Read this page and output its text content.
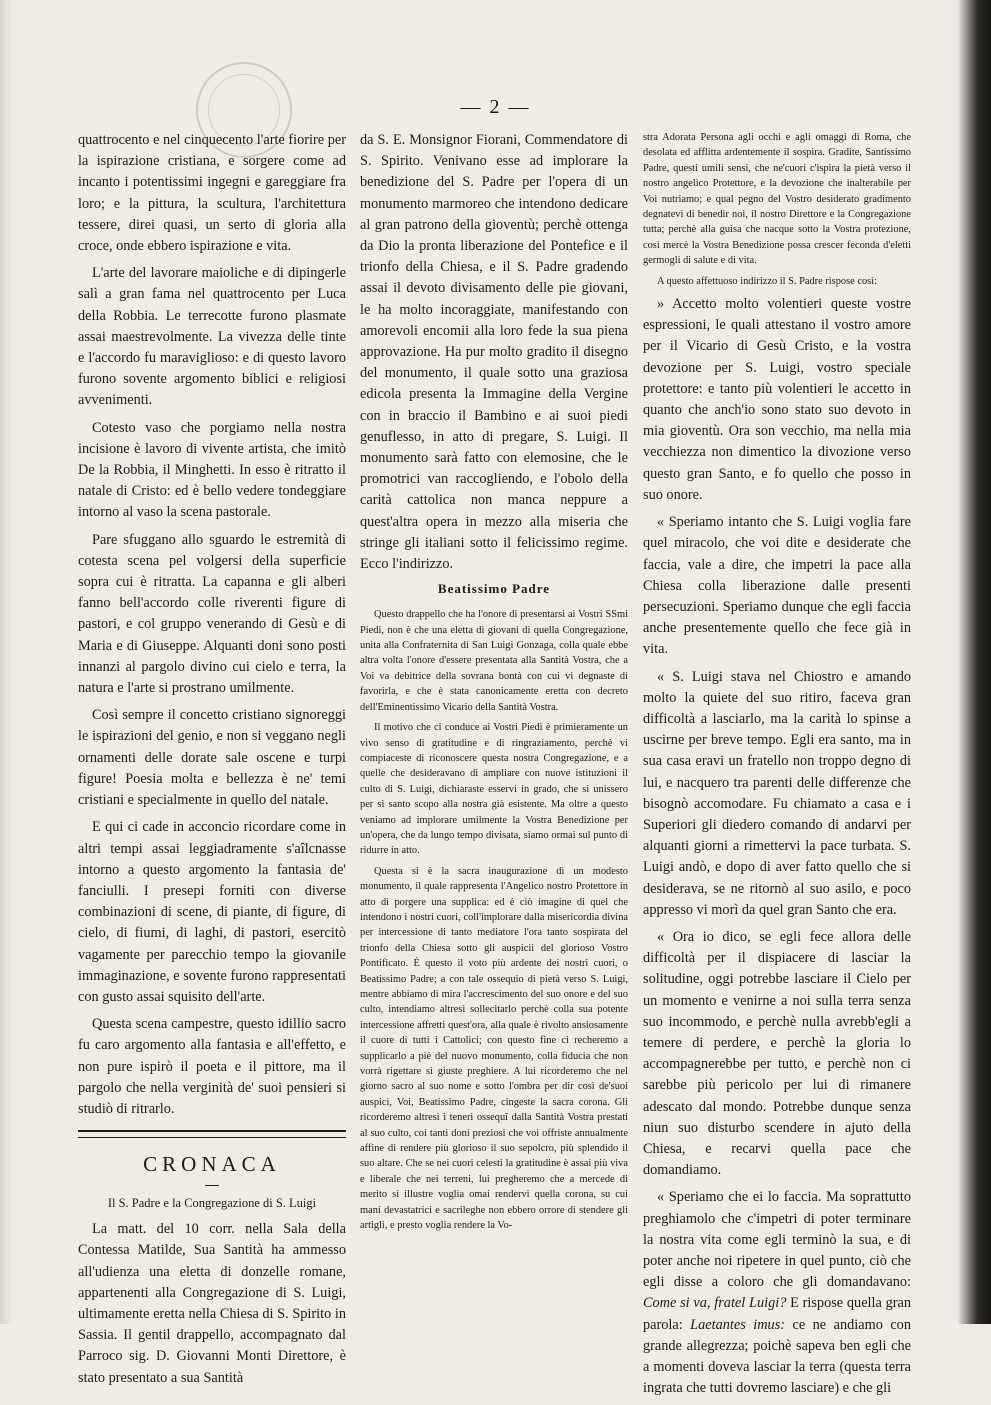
— 2 —

quattrocento e nel cinquecento l'arte fiorire per la ispirazione cristiana, e sorgere come ad incanto i potentissimi ingegni e gareggiare fra loro; e la pittura, la scultura, l'architettura tessere, direi quasi, un serto di gloria alla croce, onde ebbero ispirazione e vita.

L'arte del lavorare maioliche e di dipingerle salì a gran fama nel quattrocento per Luca della Robbia. Le terrecotte furono plasmate assai maestrevolmente. La vivezza delle tinte e l'accordo fu maraviglioso: e di questo lavoro furono sovente argomento biblici e religiosi avvenimenti.

Cotesto vaso che porgiamo nella nostra incisione è lavoro di vivente artista, che imitò De la Robbia, il Minghetti. In esso è ritratto il natale di Cristo: ed è bello vedere tondeggiare intorno al vaso la scena pastorale.

Pare sfuggano allo sguardo le estremità di cotesta scena pel volgersi della superficie sopra cui è ritratta. La capanna e gli alberi fanno bell'accordo colle riverenti figure di pastori, e col gruppo venerando di Gesù e di Maria e di Giuseppe. Alquanti doni sono posti innanzi al pargolo divino cui cielo e terra, la natura e l'arte si prostrano umilmente.

Così sempre il concetto cristiano signoreggi le ispirazioni del genio, e non si veggano negli ornamenti delle dorate sale oscene e turpi figure! Poesia molta e bellezza è ne' temi cristiani e specialmente in quello del natale.

E qui ci cade in acconcio ricordare come in altri tempi assai leggiadramente s'aîlcnasse intorno a questo argomento la fantasia de' fanciulli. I presepi forniti con diverse combinazioni di scene, di piante, di figure, di cielo, di fiumi, di laghi, di pastori, esercitò vagamente per parecchio tempo la giovanile immaginazione, e sovente furono rappresentati con gusto assai squisito dell'arte.

Questa scena campestre, questo idillio sacro fu caro argomento alla fantasia e all'effetto, e non pure ispirò il poeta e il pittore, ma il pargolo che nella verginità de' suoi pensieri si studiò di ritrarlo.

CRONACA
Il S. Padre e la Congregazione di S. Luigi

La matt. del 10 corr. nella Sala della Contessa Matilde, Sua Santità ha ammesso all'udienza una eletta di donzelle romane, appartenenti alla Congregazione di S. Luigi, ultimamente eretta nella Chiesa di S. Spirito in Sassia. Il gentil drappello, accompagnato dal Parroco sig. D. Giovanni Monti Direttore, è stato presentato a sua Santità

da S. E. Monsignor Fiorani, Commendatore di S. Spirito. Venivano esse ad implorare la benedizione del S. Padre per l'opera di un monumento marmoreo che intendono dedicare al gran patrono della gioventù; perchè ottenga da Dio la pronta liberazione del Pontefice e il trionfo della Chiesa, e il S. Padre gradendo assai il devoto divisamento delle pie giovani, le ha molto incoraggiate, manifestando con amorevoli encomii alla loro fede la sua piena approvazione. Ha pur molto gradito il disegno del monumento, il quale sotto una graziosa edicola presenta la Immagine della Vergine con in braccio il Bambino e ai suoi piedi genuflesso, in atto di pregare, S. Luigi. Il monumento sarà fatto con elemosine, che le promotrici van raccogliendo, e l'obolo della carità cattolica non manca neppure a quest'altra opera in mezzo alla miseria che stringe gli italiani sotto il felicissimo regime. Ecco l'indirizzo.

Beatissimo Padre

Questo drappello che ha l'onore di presentarsi ai Vostri SSmi Piedi, non è che una eletta di giovani di quella Congregazione, unita alla Confraternita di San Luigi Gonzaga, colla quale ebbe altra volta l'onore d'essere presentata alla Santità Vostra, che a Voi va debitrice della sovrana bontà con cui vi degnaste di favorirla, e che è stata canonicamente eretta con decreto dell'Eminentissimo Vicario della Santità Vostra.

Il motivo che ci conduce ai Vostri Piedi è primieramente un vivo senso di gratitudine e di ringraziamento, perchè vi compiaceste di riconoscere questa nostra Congregazione, e a quelle che desideravano di ampliare con nuove istituzioni il culto di S. Luigi, dichiaraste esservi in grado, che si unissero per sì santo scopo alla nostra già esistente. Ma oltre a questo veniamo ad implorare umilmente la Vostra Benedizione per un'opera, che da lungo tempo divisata, siamo ormai sul punto di ridurre in atto.

Questa si è la sacra inaugurazione di un modesto monumento, il quale rappresenta l'Angelico nostro Protettore in atto di porgere una supplica: ed è ciò imagine di quel che intendono i nostri cuori, coll'implorare dalla misericordia divina per intercessione di tanto mediatore l'ora tanto sospirata del trionfo della Chiesa sotto gli auspicii del glorioso Vostro Pontificato. È questo il voto più ardente dei nostri cuori, o Beatissimo Padre; a con tale ossequio di pietà verso S. Luigi, mentre abbiamo di mira l'accrescimento del suo onore e del suo culto, intendiamo altresì sollecitarlo perchè colla sua potente intercessione affretti quest'ora, alla quale è rivolto ansiosamente il cuore di tutti i Cattolici; con questo fine ci recheremo a supplicarlo a piè del nuovo monumento, colla fiducia che non vorrà rigettare sì giuste preghiere. A lui ricorderemo che nel giorno sacro al suo nome e sotto l'ombra per dir così de'suoi auspici, Voi, Beatissimo Padre, cingeste la sacra corona. Gli ricorderemo altresì i teneri ossequî dalla Santità Vostra prestati al suo culto, coi tanti doni preziosi che voi offriste annualmente affine di rendere più glorioso il suo sepolcro, più splendido il suo altare. Che se nei cuori celesti la gratitudine è assai più viva e liberale che nei terreni, lui pregheremo che a mercede di merito sì illustre voglia omai rendervi quella corona, su cui mani devastatrici e sacrileghe non ebbero orrore di stendere gli artigli, e presto voglia rendere la Vo-

stra Adorata Persona agli occhi e agli omaggi di Roma, che desolata ed afflitta ardentemente il sospira. Gradite, Santissimo Padre, questi umili sensi, che ne'cuori c'ispira la pietà verso il nostro angelico Protettore, e la devozione che inalterabile per Voi nutriamo; e qual pegno del Vostro desiderato gradimento degnatevi di benedir noi, il nostro Direttore e la Congregazione tutta; perchè alla guisa che nacque sotto la Vostra protezione, così mercè la Vostra Benedizione possa crescer feconda d'eletti germogli di salute e di vita.

A questo affettuoso indirizzo il S. Padre rispose così:

» Accetto molto volentieri queste vostre espressioni, le quali attestano il vostro amore per il Vicario di Gesù Cristo, e la vostra devozione per S. Luigi, vostro speciale protettore: e tanto più volentieri le accetto in quanto che anch'io sono stato suo devoto in mia gioventù. Ora son vecchio, ma nella mia vecchiezza non dimentico la divozione verso questo gran Santo, e fo quello che posso in suo onore.

« Speriamo intanto che S. Luigi voglia fare quel miracolo, che voi dite e desiderate che faccia, vale a dire, che impetri la pace alla Chiesa colla liberazione dalle presenti persecuzioni. Speriamo dunque che egli faccia anche presentemente quello che fece già in vita.

« S. Luigi stava nel Chiostro e amando molto la quiete del suo ritiro, faceva gran difficoltà a lasciarlo, ma la carità lo spinse a uscirne per breve tempo. Egli era santo, ma in sua casa eravi un fratello non troppo degno di lui, e nacquero tra parenti delle differenze che bisognò accomodare. Fu chiamato a casa e i Superiori gli diedero comando di andarvi per alquanti giorni a rimettervi la pace turbata. S. Luigi andò, e dopo di aver fatto quello che si desiderava, se ne ritornò al suo asilo, e poco appresso vi morì da quel gran Santo che era.

« Ora io dico, se egli fece allora delle difficoltà per il dispiacere di lasciar la solitudine, oggi potrebbe lasciare il Cielo per un momento e venirne a noi sulla terra senza suo incommodo, e perchè nulla avrebb'egli a temere di perdere, e perchè la gloria lo accompagnerebbe per tutto, e perchè non ci sarebbe più pericolo per lui di rimanere adescato dal mondo. Potrebbe dunque senza niun suo disturbo scendere in ajuto della Chiesa, e recarvi quella pace che domandiamo.

« Speriamo che ei lo faccia. Ma soprattutto preghiamolo che c'impetri di poter terminare la nostra vita come egli terminò la sua, e di poter anche noi ripetere in quel punto, ciò che egli disse a coloro che gli domandavano: Come si va, fratel Luigi? E rispose quella gran parola: Laetantes imus: ce ne andiamo con grande allegrezza; poichè sapeva ben egli che a momenti doveva lasciar la terra (questa terra ingrata che tutti dovremo lasciare) e che gli
